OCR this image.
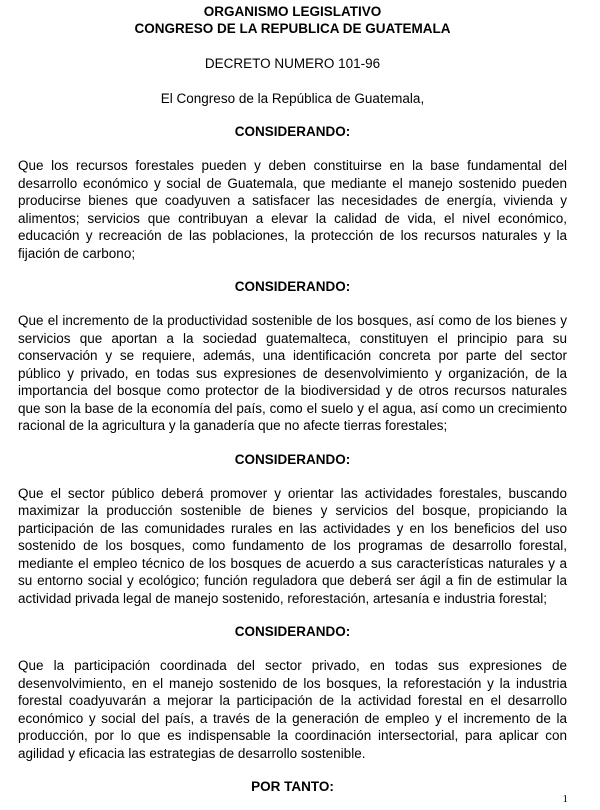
ORGANISMO LEGISLATIVO
CONGRESO DE LA REPUBLICA DE GUATEMALA
DECRETO NUMERO 101-96
El Congreso de la República de Guatemala,
CONSIDERANDO:
Que los recursos forestales pueden y deben constituirse en la base fundamental del desarrollo económico y social de Guatemala, que mediante el manejo sostenido pueden producirse bienes que coadyuven a satisfacer las necesidades de energía, vivienda y alimentos; servicios que contribuyan a elevar la calidad de vida, el nivel económico, educación y recreación de las poblaciones, la protección de los recursos naturales y la fijación de carbono;
CONSIDERANDO:
Que el incremento de la productividad sostenible de los bosques, así como de los bienes y servicios que aportan a la sociedad guatemalteca, constituyen el principio para su conservación y se requiere, además, una identificación concreta por parte del sector público y privado, en todas sus expresiones de desenvolvimiento y organización, de la importancia del bosque como protector de la biodiversidad y de otros recursos naturales que son la base de la economía del país, como el suelo y el agua, así como un crecimiento racional de la agricultura y la ganadería que no afecte tierras forestales;
CONSIDERANDO:
Que el sector público deberá promover y orientar las actividades forestales, buscando maximizar la producción sostenible de bienes y servicios del bosque, propiciando la participación de las comunidades rurales en las actividades y en los beneficios del uso sostenido de los bosques, como fundamento de los programas de desarrollo forestal, mediante el empleo técnico de los bosques de acuerdo a sus características naturales y a su entorno social y ecológico; función reguladora que deberá ser ágil a fin de estimular la actividad privada legal de manejo sostenido, reforestación, artesanía e industria forestal;
CONSIDERANDO:
Que la participación coordinada del sector privado, en todas sus expresiones de desenvolvimiento, en el manejo sostenido de los bosques, la reforestación y la industria forestal coadyuvarán a mejorar la participación de la actividad forestal en el desarrollo económico y social del país, a través de la generación de empleo y el incremento de la producción, por lo que es indispensable la coordinación intersectorial, para aplicar con agilidad y eficacia las estrategias de desarrollo sostenible.
POR TANTO:
1
